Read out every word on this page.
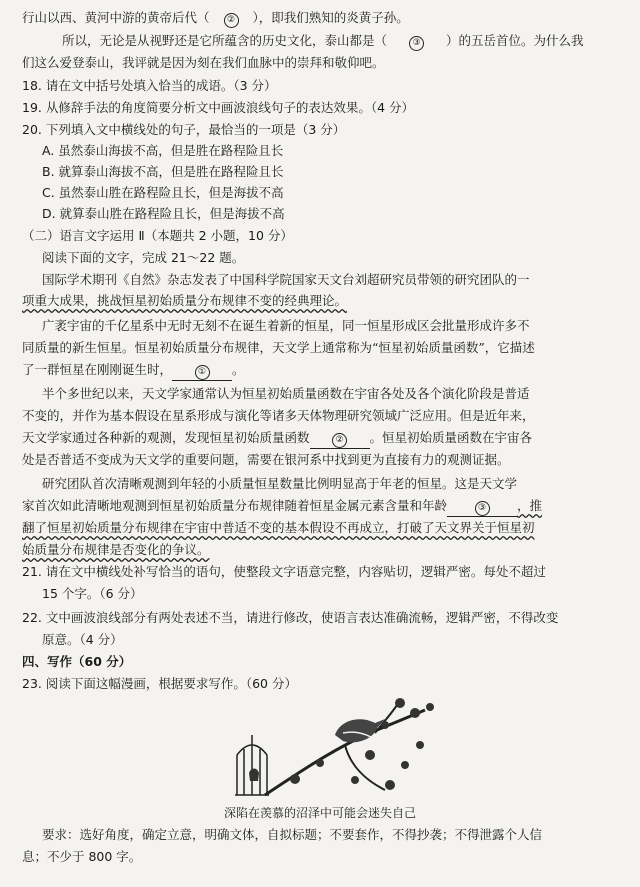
行山以西、黄河中游的黄帝后代（ ② ），即我们熟知的炎黄子孙。
所以，无论是从视野还是它所蕴含的历史文化，泰山都是（	③ ）的五岳首位。为什么我
们这么爱登泰山，我评就是因为刻在我们血脉中的崇拜和敬仰吧。
18. 请在文中括号处填入恰当的成语。（3 分）
19. 从修辞手法的角度简要分析文中画波浪线句子的表达效果。（4 分）
20. 下列填入文中横线处的句子，最恰当的一项是（3 分）
A. 虽然泰山海拔不高，但是胜在路程险且长
B. 就算泰山海拔不高，但是胜在路程险且长
C. 虽然泰山胜在路程险且长，但是海拔不高
D. 就算泰山胜在路程险且长，但是海拔不高
（二）语言文字运用 Ⅱ（本题共 2 小题，10 分）
阅读下面的文字，完成 21～22 题。
国际学术期刊《自然》杂志发表了中国科学院国家天文台刘超研究员带领的研究团队的一
项重大成果，挑战恒星初始质量分布规律不变的经典理论。
广袤宇宙的千亿星系中无时无刻不在诞生着新的恒星，同一恒星形成区会批量形成许多不
同质量的新生恒星。恒星初始质量分布规律，天文学上通常称为“恒星初始质量函数”，它描述
了一群恒星在刚刚诞生时，	① 。
半个多世纪以来，天文学家通常认为恒星初始质量函数在宇宙各处及各个演化阶段是普适
不变的，并作为基本假设在星系形成与演化等诸多天体物理研究领域广泛应用。但是近年来，
天文学家通过各种新的观测，发现恒星初始质量函数	② 。恒星初始质量函数在宇宙各
处是否普适不变成为天文学的重要问题，需要在银河系中找到更为直接有力的观测证据。
研究团队首次清晰观测到年轻的小质量恒星数量比例明显高于年老的恒星。这是天文学
家首次如此清晰地观测到恒星初始质量分布规律随着恒星金属元素含量和年龄	③ ，推
翻了恒星初始质量分布规律在宇宙中普适不变的基本假设不再成立，打破了天文界关于恒星初
始质量分布规律是否变化的争议。
21. 请在文中横线处补写恰当的语句，使整段文字语意完整，内容贴切，逻辑严密。每处不超过
15 个字。（6 分）
22. 文中画波浪线部分有两处表述不当，请进行修改，使语言表达准确流畅，逻辑严密，不得改变
原意。（4 分）
四、写作（60 分）
23. 阅读下面这幅漫画，根据要求写作。（60 分）
深陷在羡慕的沼泽中可能会迷失自己
要求：选好角度，确定立意，明确文体，自拟标题；不要套作，不得抄袭；不得泄露个人信
息；不少于 800 字。
